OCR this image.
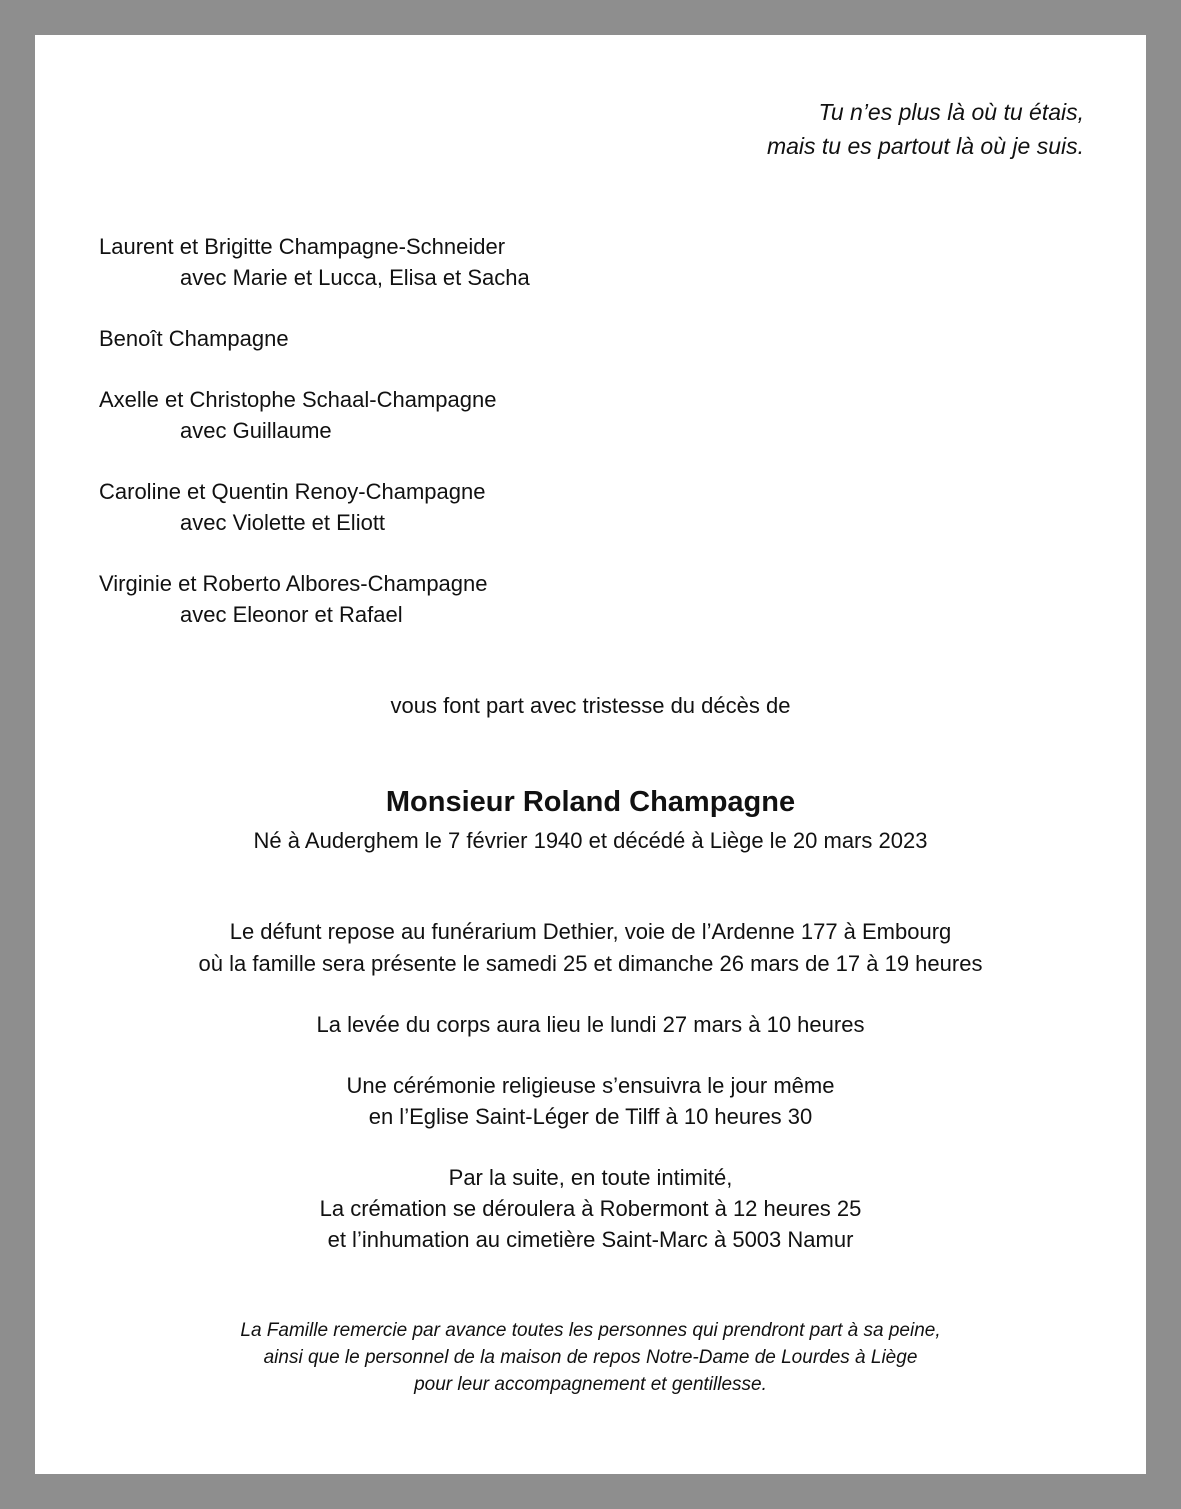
Tu n’es plus là où tu étais,
mais tu es partout là où je suis.
Laurent et Brigitte Champagne-Schneider
avec Marie et Lucca, Elisa et Sacha
Benoît Champagne
Axelle et Christophe Schaal-Champagne
avec Guillaume
Caroline et Quentin Renoy-Champagne
avec Violette et Eliott
Virginie et Roberto Albores-Champagne
avec Eleonor et Rafael
vous font part avec tristesse du décès de
Monsieur Roland Champagne
Né à Auderghem le 7 février 1940 et décédé à Liège le 20 mars 2023
Le défunt repose au funérarium Dethier, voie de l’Ardenne 177 à Embourg
où la famille sera présente le samedi 25 et dimanche 26 mars de 17 à 19 heures
La levée du corps aura lieu le lundi 27 mars à 10 heures
Une cérémonie religieuse s’ensuivra le jour même
en l’Eglise Saint-Léger de Tilff à 10 heures 30
Par la suite, en toute intimité,
La crémation se déroulera à Robermont à 12 heures 25
et l’inhumation au cimetière Saint-Marc à 5003 Namur
La Famille remercie par avance toutes les personnes qui prendront part à sa peine,
ainsi que le personnel de la maison de repos Notre-Dame de Lourdes à Liège
pour leur accompagnement et gentillesse.
